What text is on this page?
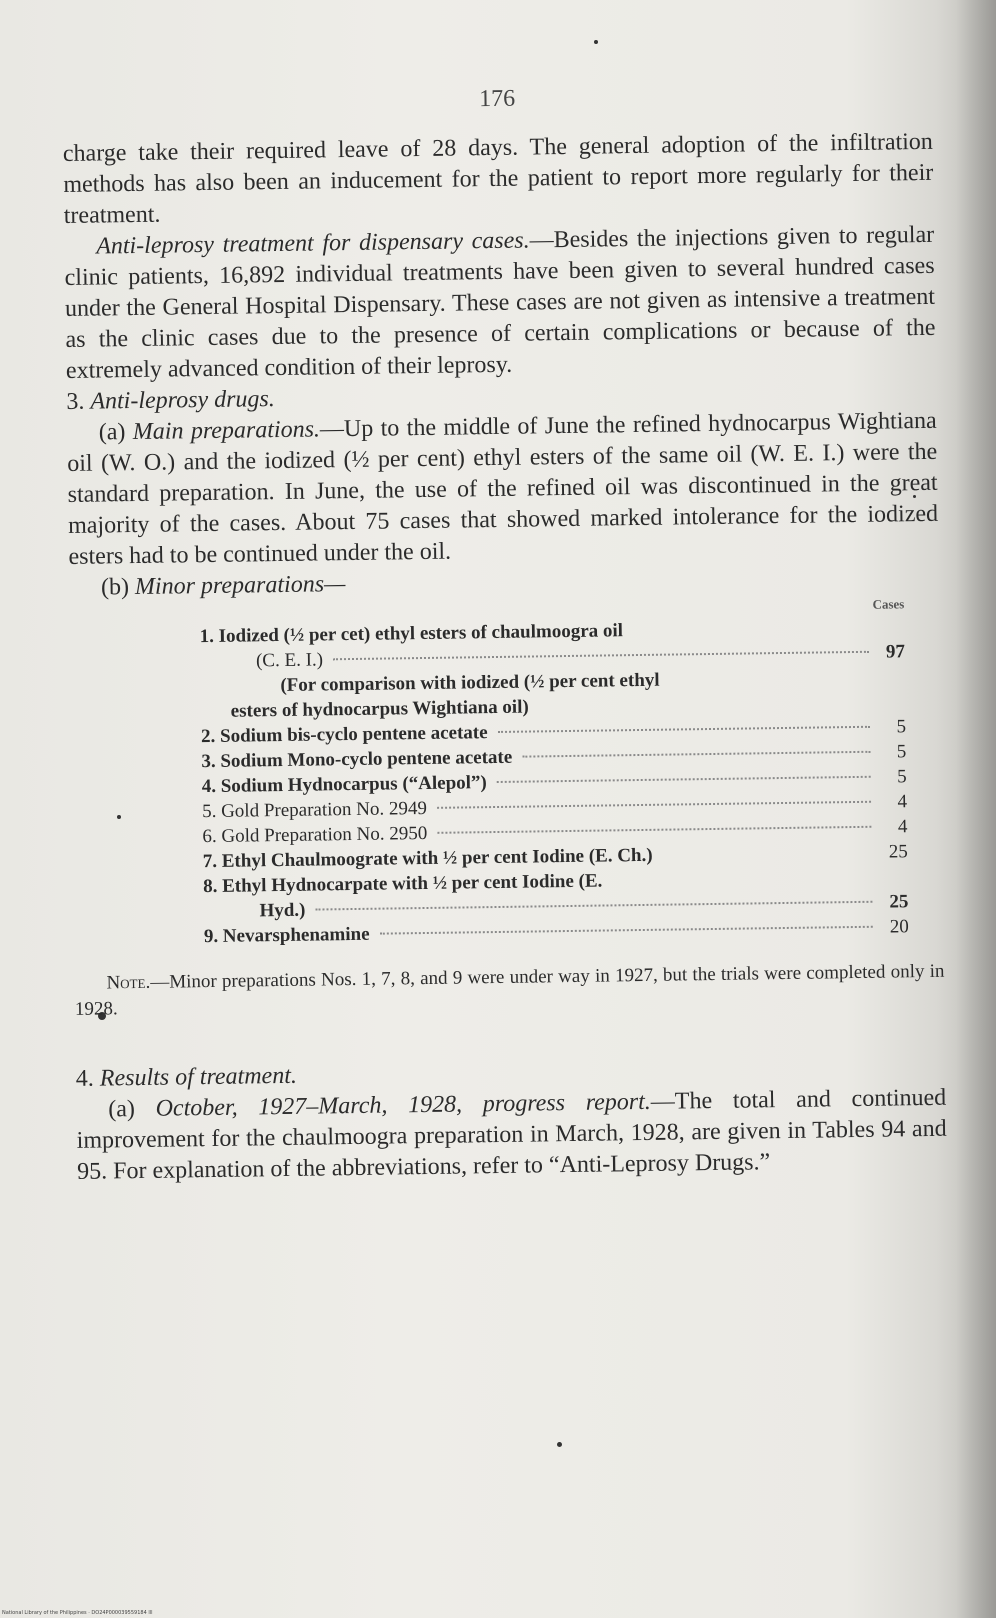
176

charge take their required leave of 28 days. The general adoption of the infiltration methods has also been an inducement for the patient to report more regularly for their treatment.

Anti-leprosy treatment for dispensary cases.—Besides the injections given to regular clinic patients, 16,892 individual treatments have been given to several hundred cases under the General Hospital Dispensary. These cases are not given as intensive a treatment as the clinic cases due to the presence of certain complications or because of the extremely advanced condition of their leprosy.

3. Anti-leprosy drugs.

(a) Main preparations.—Up to the middle of June the refined hydnocarpus Wightiana oil (W. O.) and the iodized (½ per cent) ethyl esters of the same oil (W. E. I.) were the standard preparation. In June, the use of the refined oil was discontinued in the great majority of the cases. About 75 cases that showed marked intolerance for the iodized esters had to be continued under the oil.

(b) Minor preparations—
Cases
1. Iodized (½ per cet) ethyl esters of chaulmoogra oil
(C. E. I.)	97
(For comparison with iodized (½ per cent ethyl
esters of hydnocarpus Wightiana oil)
2. Sodium bis-cyclo pentene acetate	5
3. Sodium Mono-cyclo pentene acetate	5
4. Sodium Hydnocarpus (“Alepol”)	5
5. Gold Preparation No. 2949	4
6. Gold Preparation No. 2950	4
7. Ethyl Chaulmoograte with ½ per cent Iodine (E. Ch.)	25
8. Ethyl Hydnocarpate with ½ per cent Iodine (E.
Hyd.)	25
9. Nevarsphenamine	20

Note.—Minor preparations Nos. 1, 7, 8, and 9 were under way in 1927, but the trials were completed only in 1928.

4. Results of treatment.

(a) October, 1927–March, 1928, progress report.—The total and continued improvement for the chaulmoogra preparation in March, 1928, are given in Tables 94 and 95. For explanation of the abbreviations, refer to “Anti-Leprosy Drugs.”

National Library of the Philippines · DO24P000039559184 lll
